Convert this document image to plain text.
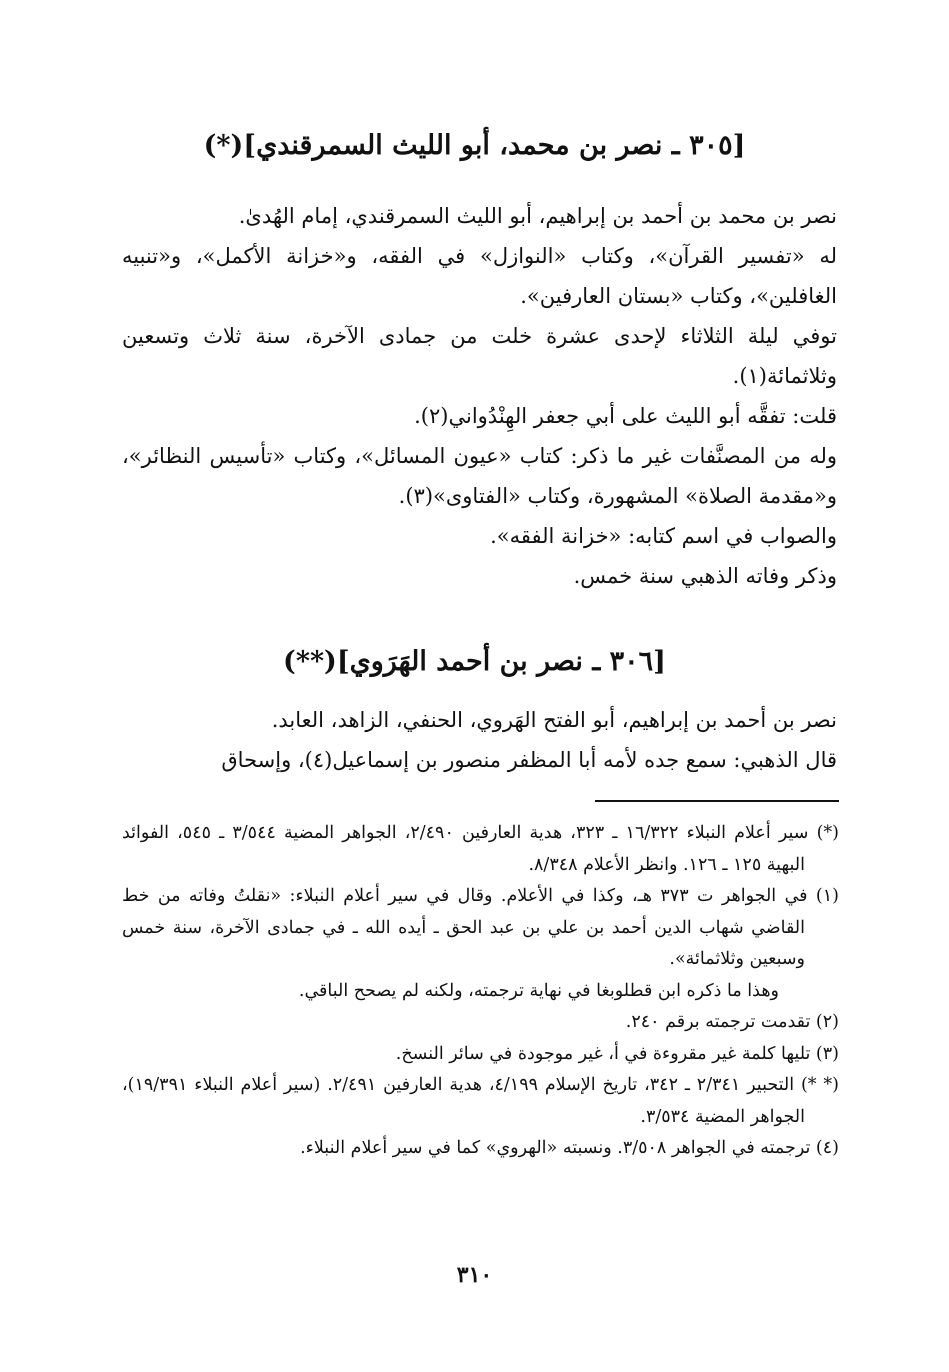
[٣٠٥ ـ نصر بن محمد، أبو الليث السمرقندي](*)

نصر بن محمد بن أحمد بن إبراهيم، أبو الليث السمرقندي، إمام الهُدىٰ.

له «تفسير القرآن»، وكتاب «النوازل» في الفقه، و«خزانة الأكمل»، و«تنبيه الغافلين»، وكتاب «بستان العارفين».

توفي ليلة الثلاثاء لإحدى عشرة خلت من جمادى الآخرة، سنة ثلاث وتسعين وثلاثمائة(١).

قلت: تفقَّه أبو الليث على أبي جعفر الهِنْدُواني(٢).

وله من المصنَّفات غير ما ذكر: كتاب «عيون المسائل»، وكتاب «تأسيس النظائر»، و«مقدمة الصلاة» المشهورة، وكتاب «الفتاوى»(٣).

والصواب في اسم كتابه: «خزانة الفقه».

وذكر وفاته الذهبي سنة خمس.

[٣٠٦ ـ نصر بن أحمد الهَرَوي](**)

نصر بن أحمد بن إبراهيم، أبو الفتح الهَروي، الحنفي، الزاهد، العابد.

قال الذهبي: سمع جده لأمه أبا المظفر منصور بن إسماعيل(٤)، وإسحاق

(*) سير أعلام النبلاء ١٦/٣٢٢ ـ ٣٢٣، هدية العارفين ٢/٤٩٠، الجواهر المضية ٣/٥٤٤ ـ ٥٤٥، الفوائد البهية ١٢٥ ـ ١٢٦. وانظر الأعلام ٨/٣٤٨.

(١) في الجواهر ت ٣٧٣ هـ، وكذا في الأعلام. وقال في سير أعلام النبلاء: «نقلتُ وفاته من خط القاضي شهاب الدين أحمد بن علي بن عبد الحق ـ أيده الله ـ في جمادى الآخرة، سنة خمس وسبعين وثلاثمائة».

وهذا ما ذكره ابن قطلوبغا في نهاية ترجمته، ولكنه لم يصحح الباقي.

(٢) تقدمت ترجمته برقم ٢٤٠.

(٣) تليها كلمة غير مقروءة في أ، غير موجودة في سائر النسخ.

(* *) التحبير ٢/٣٤١ ـ ٣٤٢، تاريخ الإسلام ٤/١٩٩، هدية العارفين ٢/٤٩١. (سير أعلام النبلاء ١٩/٣٩١)، الجواهر المضية ٣/٥٣٤.

(٤) ترجمته في الجواهر ٣/٥٠٨. ونسبته «الهروي» كما في سير أعلام النبلاء.

٣١٠
